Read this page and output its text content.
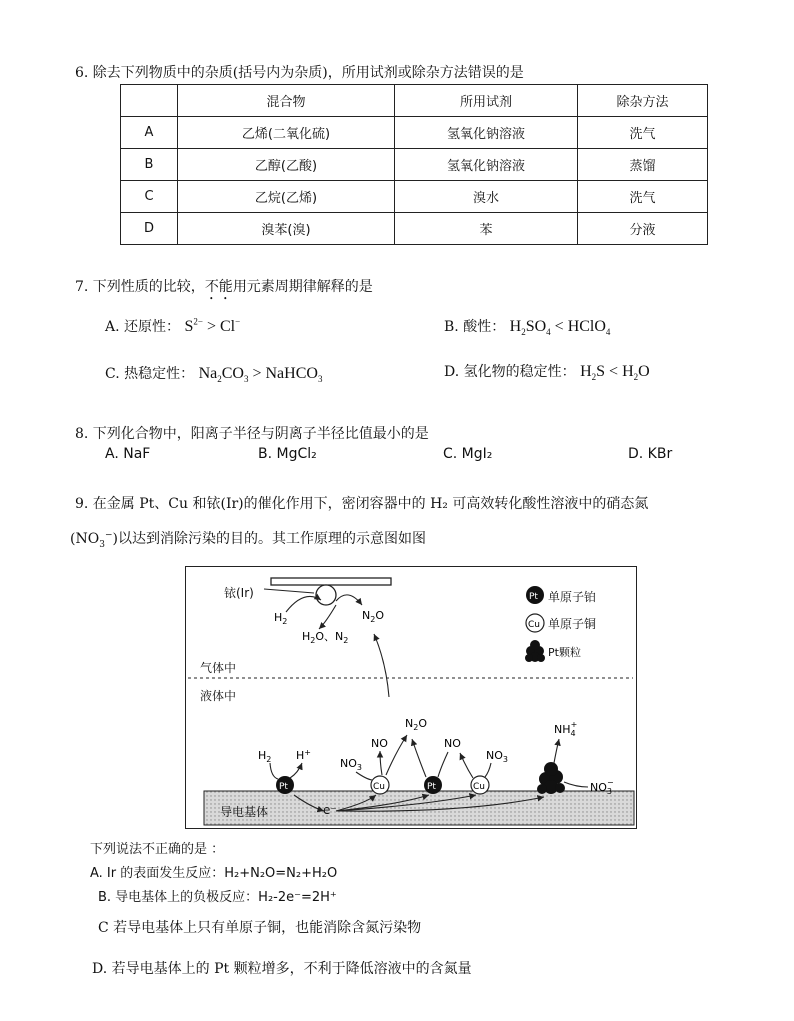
6. 除去下列物质中的杂质(括号内为杂质)，所用试剂或除杂方法错误的是
	混合物	所用试剂	除杂方法
A	乙烯(二氧化硫)	氢氧化钠溶液	洗气
B	乙醇(乙酸)	氢氧化钠溶液	蒸馏
C	乙烷(乙烯)	溴水	洗气
D	溴苯(溴)	苯	分液
7. 下列性质的比较，不能用元素周期律解释的是
A. 还原性： $S^{2-} > Cl^-$	B. 酸性： $H_2SO_4$ < HClO$_4$
C. 热稳定性： $Na_2CO_3$ > NaHCO$_3$	D. 氢化物的稳定性： $H_2S < H_2O$
8. 下列化合物中，阳离子半径与阴离子半径比值最小的是
A. NaF	B. MgCl₂	C. MgI₂	D. KBr
9. 在金属 Pt、Cu 和铱(Ir)的催化作用下，密闭容器中的 H₂ 可高效转化酸性溶液中的硝态氮
$(NO_3^-)$以达到消除污染的目的。其工作原理的示意图如图
$H_2$
$H_2O$、$N_2$
$N_2O$
Pt
Cu
Pt
$H_2$ H+
Cu
$NO_3$
NO
$N_2O$
Pt
NO
Cu
$NO_3$
$NH_4+$
$NO_3-$
铱(Ir)	单原子铂
单原子铜
Pt颗粒
气体中
液体中
导电基体	e⁻
下列说法不正确的是 ：
A. Ir 的表面发生反应：H₂+N₂O=N₂+H₂O
B. 导电基体上的负极反应：H₂-2e⁻=2H⁺
C 若导电基体上只有单原子铜，也能消除含氮污染物
D. 若导电基体上的 Pt 颗粒增多，不利于降低溶液中的含氮量
